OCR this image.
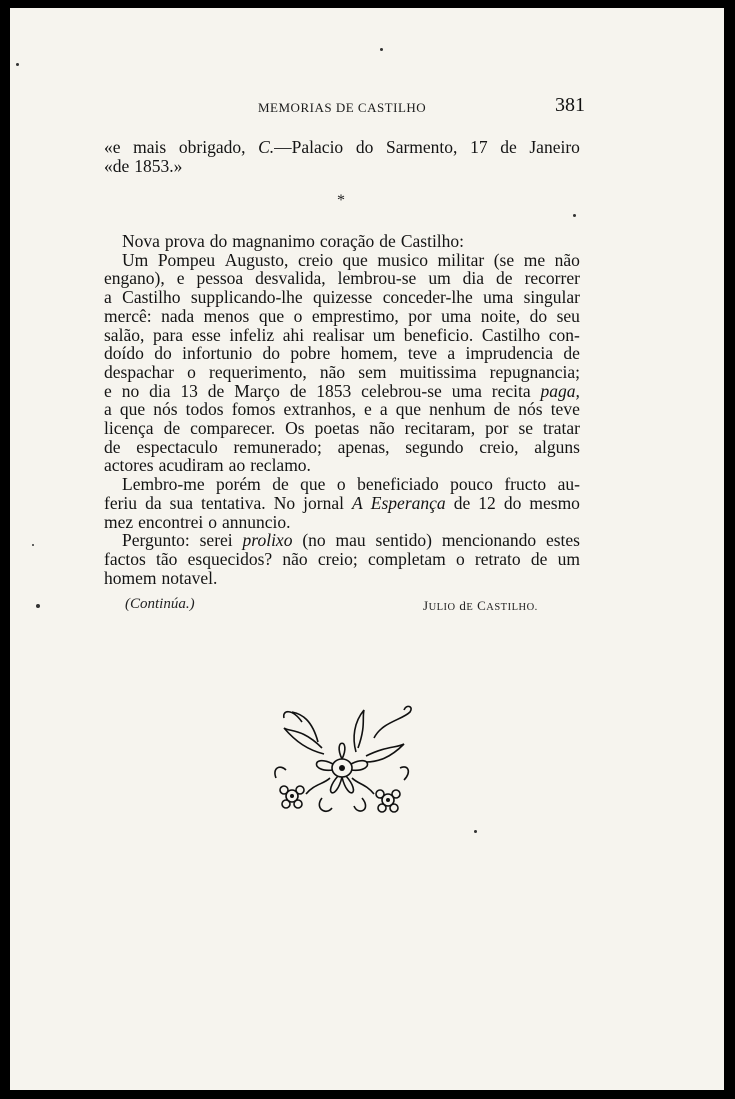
MEMORIAS DE CASTILHO	381
«e mais obrigado, C.—Palacio do Sarmento, 17 de Janeiro
«de 1853.»
*
Nova prova do magnanimo coração de Castilho:
Um Pompeu Augusto, creio que musico militar (se me não
engano), e pessoa desvalida, lembrou-se um dia de recorrer
a Castilho supplicando-lhe quizesse conceder-lhe uma singular
mercê: nada menos que o emprestimo, por uma noite, do seu
salão, para esse infeliz ahi realisar um beneficio. Castilho con-
doído do infortunio do pobre homem, teve a imprudencia de
despachar o requerimento, não sem muitissima repugnancia;
e no dia 13 de Março de 1853 celebrou-se uma recita paga,
a que nós todos fomos extranhos, e a que nenhum de nós teve
licença de comparecer. Os poetas não recitaram, por se tratar
de espectaculo remunerado; apenas, segundo creio, alguns
actores acudiram ao reclamo.
Lembro-me porém de que o beneficiado pouco fructo au-
feriu da sua tentativa. No jornal A Esperança de 12 do mesmo
mez encontrei o annuncio.
Pergunto: serei prolixo (no mau sentido) mencionando estes
factos tão esquecidos? não creio; completam o retrato de um
homem notavel.
(Continúa.)	JULIO dE CASTILHO.
